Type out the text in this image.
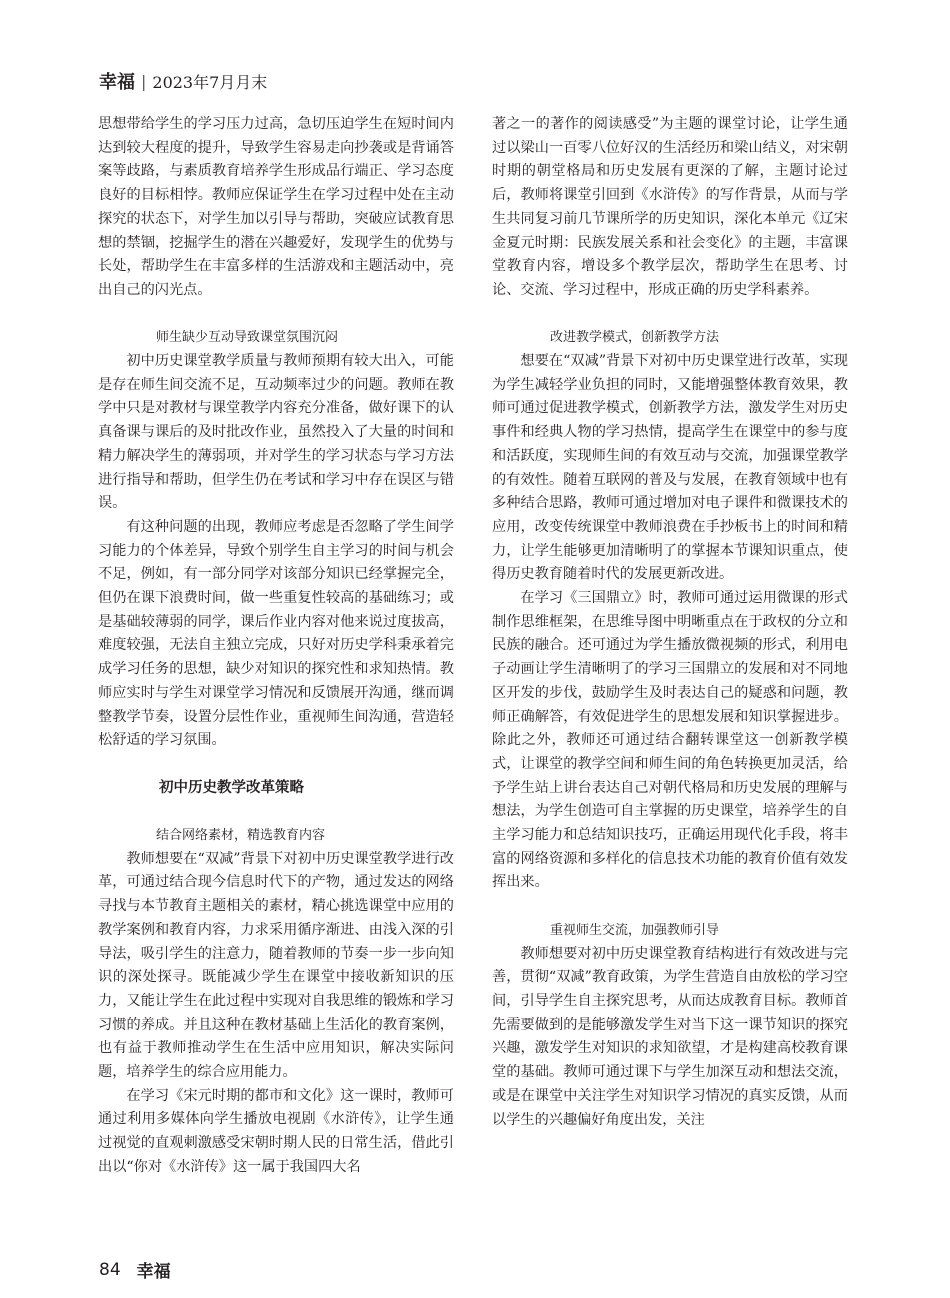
幸福 | 2023年7月月末

思想带给学生的学习压力过高，急切压迫学生在短时间内达到较大程度的提升，导致学生容易走向抄袭或是背诵答案等歧路，与素质教育培养学生形成品行端正、学习态度良好的目标相悖。教师应保证学生在学习过程中处在主动探究的状态下，对学生加以引导与帮助，突破应试教育思想的禁锢，挖掘学生的潜在兴趣爱好，发现学生的优势与长处，帮助学生在丰富多样的生活游戏和主题活动中，亮出自己的闪光点。

师生缺少互动导致课堂氛围沉闷

初中历史课堂教学质量与教师预期有较大出入，可能是存在师生间交流不足，互动频率过少的问题。教师在教学中只是对教材与课堂教学内容充分准备，做好课下的认真备课与课后的及时批改作业，虽然投入了大量的时间和精力解决学生的薄弱项，并对学生的学习状态与学习方法进行指导和帮助，但学生仍在考试和学习中存在误区与错误。

有这种问题的出现，教师应考虑是否忽略了学生间学习能力的个体差异，导致个别学生自主学习的时间与机会不足，例如，有一部分同学对该部分知识已经掌握完全，但仍在课下浪费时间，做一些重复性较高的基础练习；或是基础较薄弱的同学，课后作业内容对他来说过度拔高，难度较强，无法自主独立完成，只好对历史学科秉承着完成学习任务的思想，缺少对知识的探究性和求知热情。教师应实时与学生对课堂学习情况和反馈展开沟通，继而调整教学节奏，设置分层性作业，重视师生间沟通，营造轻松舒适的学习氛围。

初中历史教学改革策略

结合网络素材，精选教育内容

教师想要在“双减”背景下对初中历史课堂教学进行改革，可通过结合现今信息时代下的产物，通过发达的网络寻找与本节教育主题相关的素材，精心挑选课堂中应用的教学案例和教育内容，力求采用循序渐进、由浅入深的引导法，吸引学生的注意力，随着教师的节奏一步一步向知识的深处探寻。既能减少学生在课堂中接收新知识的压力，又能让学生在此过程中实现对自我思维的锻炼和学习习惯的养成。并且这种在教材基础上生活化的教育案例，也有益于教师推动学生在生活中应用知识，解决实际问题，培养学生的综合应用能力。

在学习《宋元时期的都市和文化》这一课时，教师可通过利用多媒体向学生播放电视剧《水浒传》，让学生通过视觉的直观刺激感受宋朝时期人民的日常生活，借此引出以“你对《水浒传》这一属于我国四大名

著之一的著作的阅读感受”为主题的课堂讨论，让学生通过以梁山一百零八位好汉的生活经历和梁山结义，对宋朝时期的朝堂格局和历史发展有更深的了解，主题讨论过后，教师将课堂引回到《水浒传》的写作背景，从而与学生共同复习前几节课所学的历史知识，深化本单元《辽宋金夏元时期：民族发展关系和社会变化》的主题，丰富课堂教育内容，增设多个教学层次，帮助学生在思考、讨论、交流、学习过程中，形成正确的历史学科素养。

改进教学模式，创新教学方法

想要在“双减”背景下对初中历史课堂进行改革，实现为学生减轻学业负担的同时，又能增强整体教育效果，教师可通过促进教学模式，创新教学方法，激发学生对历史事件和经典人物的学习热情，提高学生在课堂中的参与度和活跃度，实现师生间的有效互动与交流，加强课堂教学的有效性。随着互联网的普及与发展，在教育领域中也有多种结合思路，教师可通过增加对电子课件和微课技术的应用，改变传统课堂中教师浪费在手抄板书上的时间和精力，让学生能够更加清晰明了的掌握本节课知识重点，使得历史教育随着时代的发展更新改进。

在学习《三国鼎立》时，教师可通过运用微课的形式制作思维框架，在思维导图中明晰重点在于政权的分立和民族的融合。还可通过为学生播放微视频的形式，利用电子动画让学生清晰明了的学习三国鼎立的发展和对不同地区开发的步伐，鼓励学生及时表达自己的疑惑和问题，教师正确解答，有效促进学生的思想发展和知识掌握进步。除此之外，教师还可通过结合翻转课堂这一创新教学模式，让课堂的教学空间和师生间的角色转换更加灵活，给予学生站上讲台表达自己对朝代格局和历史发展的理解与想法，为学生创造可自主掌握的历史课堂，培养学生的自主学习能力和总结知识技巧，正确运用现代化手段，将丰富的网络资源和多样化的信息技术功能的教育价值有效发挥出来。

重视师生交流，加强教师引导

教师想要对初中历史课堂教育结构进行有效改进与完善，贯彻“双减”教育政策，为学生营造自由放松的学习空间，引导学生自主探究思考，从而达成教育目标。教师首先需要做到的是能够激发学生对当下这一课节知识的探究兴趣，激发学生对知识的求知欲望，才是构建高校教育课堂的基础。教师可通过课下与学生加深互动和想法交流，或是在课堂中关注学生对知识学习情况的真实反馈，从而以学生的兴趣偏好角度出发，关注

84 幸福
